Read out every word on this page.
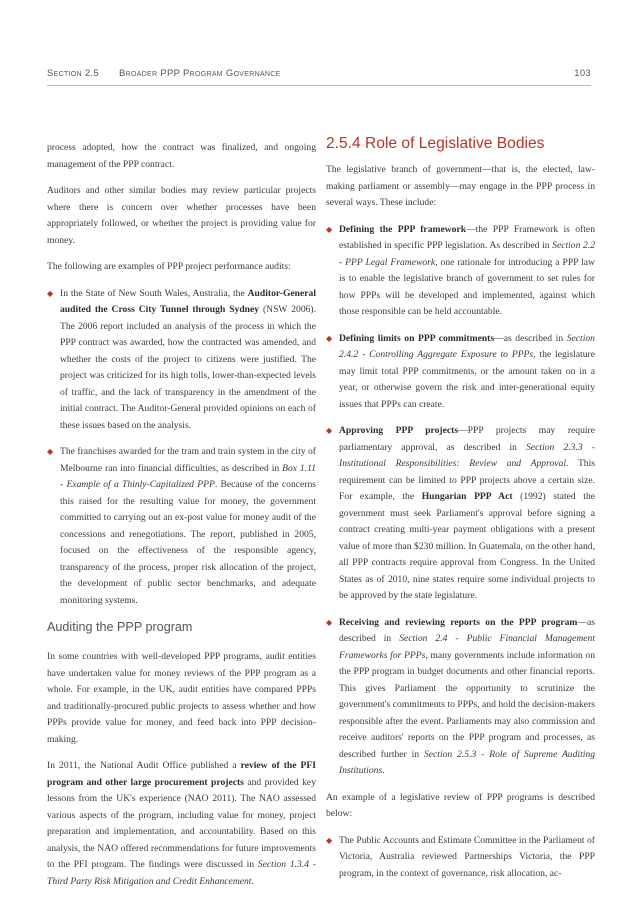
Section 2.5 Broader PPP Program Governance	103

process adopted, how the contract was finalized, and ongoing management of the PPP contract.

Auditors and other similar bodies may review particular projects where there is concern over whether processes have been appropriately followed, or whether the project is providing value for money.

The following are examples of PPP project performance audits:

◆ In the State of New South Wales, Australia, the Auditor-General audited the Cross City Tunnel through Sydney (NSW 2006). The 2006 report included an analysis of the process in which the PPP contract was awarded, how the contracted was amended, and whether the costs of the project to citizens were justified. The project was criticized for its high tolls, lower-than-expected levels of traffic, and the lack of transparency in the amendment of the initial contract. The Auditor-General provided opinions on each of these issues based on the analysis.
◆ The franchises awarded for the tram and train system in the city of Melbourne ran into financial difficulties, as described in Box 1.11 - Example of a Thinly-Capitalized PPP. Because of the concerns this raised for the resulting value for money, the government committed to carrying out an ex-post value for money audit of the concessions and renegotiations. The report, published in 2005, focused on the effectiveness of the responsible agency, transparency of the process, proper risk allocation of the project, the development of public sector benchmarks, and adequate monitoring systems.
Auditing the PPP program

In some countries with well-developed PPP programs, audit entities have undertaken value for money reviews of the PPP program as a whole. For example, in the UK, audit entities have compared PPPs and traditionally-procured public projects to assess whether and how PPPs provide value for money, and feed back into PPP decision-making.

In 2011, the National Audit Office published a review of the PFI program and other large procurement projects and provided key lessons from the UK's experience (NAO 2011). The NAO assessed various aspects of the program, including value for money, project preparation and implementation, and accountability. Based on this analysis, the NAO offered recommendations for future improvements to the PFI program. The findings were discussed in Section 1.3.4 - Third Party Risk Mitigation and Credit Enhancement.

2.5.4 Role of Legislative Bodies

The legislative branch of government—that is, the elected, law-making parliament or assembly—may engage in the PPP process in several ways. These include:

◆ Defining the PPP framework—the PPP Framework is often established in specific PPP legislation. As described in Section 2.2 - PPP Legal Framework, one rationale for introducing a PPP law is to enable the legislative branch of government to set rules for how PPPs will be developed and implemented, against which those responsible can be held accountable.
◆ Defining limits on PPP commitments—as described in Section 2.4.2 - Controlling Aggregate Exposure to PPPs, the legislature may limit total PPP commitments, or the amount taken on in a year, or otherwise govern the risk and inter-generational equity issues that PPPs can create.
◆ Approving PPP projects—PPP projects may require parliamentary approval, as described in Section 2.3.3 - Institutional Responsibilities: Review and Approval. This requirement can be limited to PPP projects above a certain size. For example, the Hungarian PPP Act (1992) stated the government must seek Parliament's approval before signing a contract creating multi-year payment obligations with a present value of more than $230 million. In Guatemala, on the other hand, all PPP contracts require approval from Congress. In the United States as of 2010, nine states require some individual projects to be approved by the state legislature.
◆ Receiving and reviewing reports on the PPP program—as described in Section 2.4 - Public Financial Management Frameworks for PPPs, many governments include information on the PPP program in budget documents and other financial reports. This gives Parliament the opportunity to scrutinize the government's commitments to PPPs, and hold the decision-makers responsible after the event. Parliaments may also commission and receive auditors' reports on the PPP program and processes, as described further in Section 2.5.3 - Role of Supreme Auditing Institutions.

An example of a legislative review of PPP programs is described below:

◆ The Public Accounts and Estimate Committee in the Parliament of Victoria, Australia reviewed Partnerships Victoria, the PPP program, in the context of governance, risk allocation, ac-
